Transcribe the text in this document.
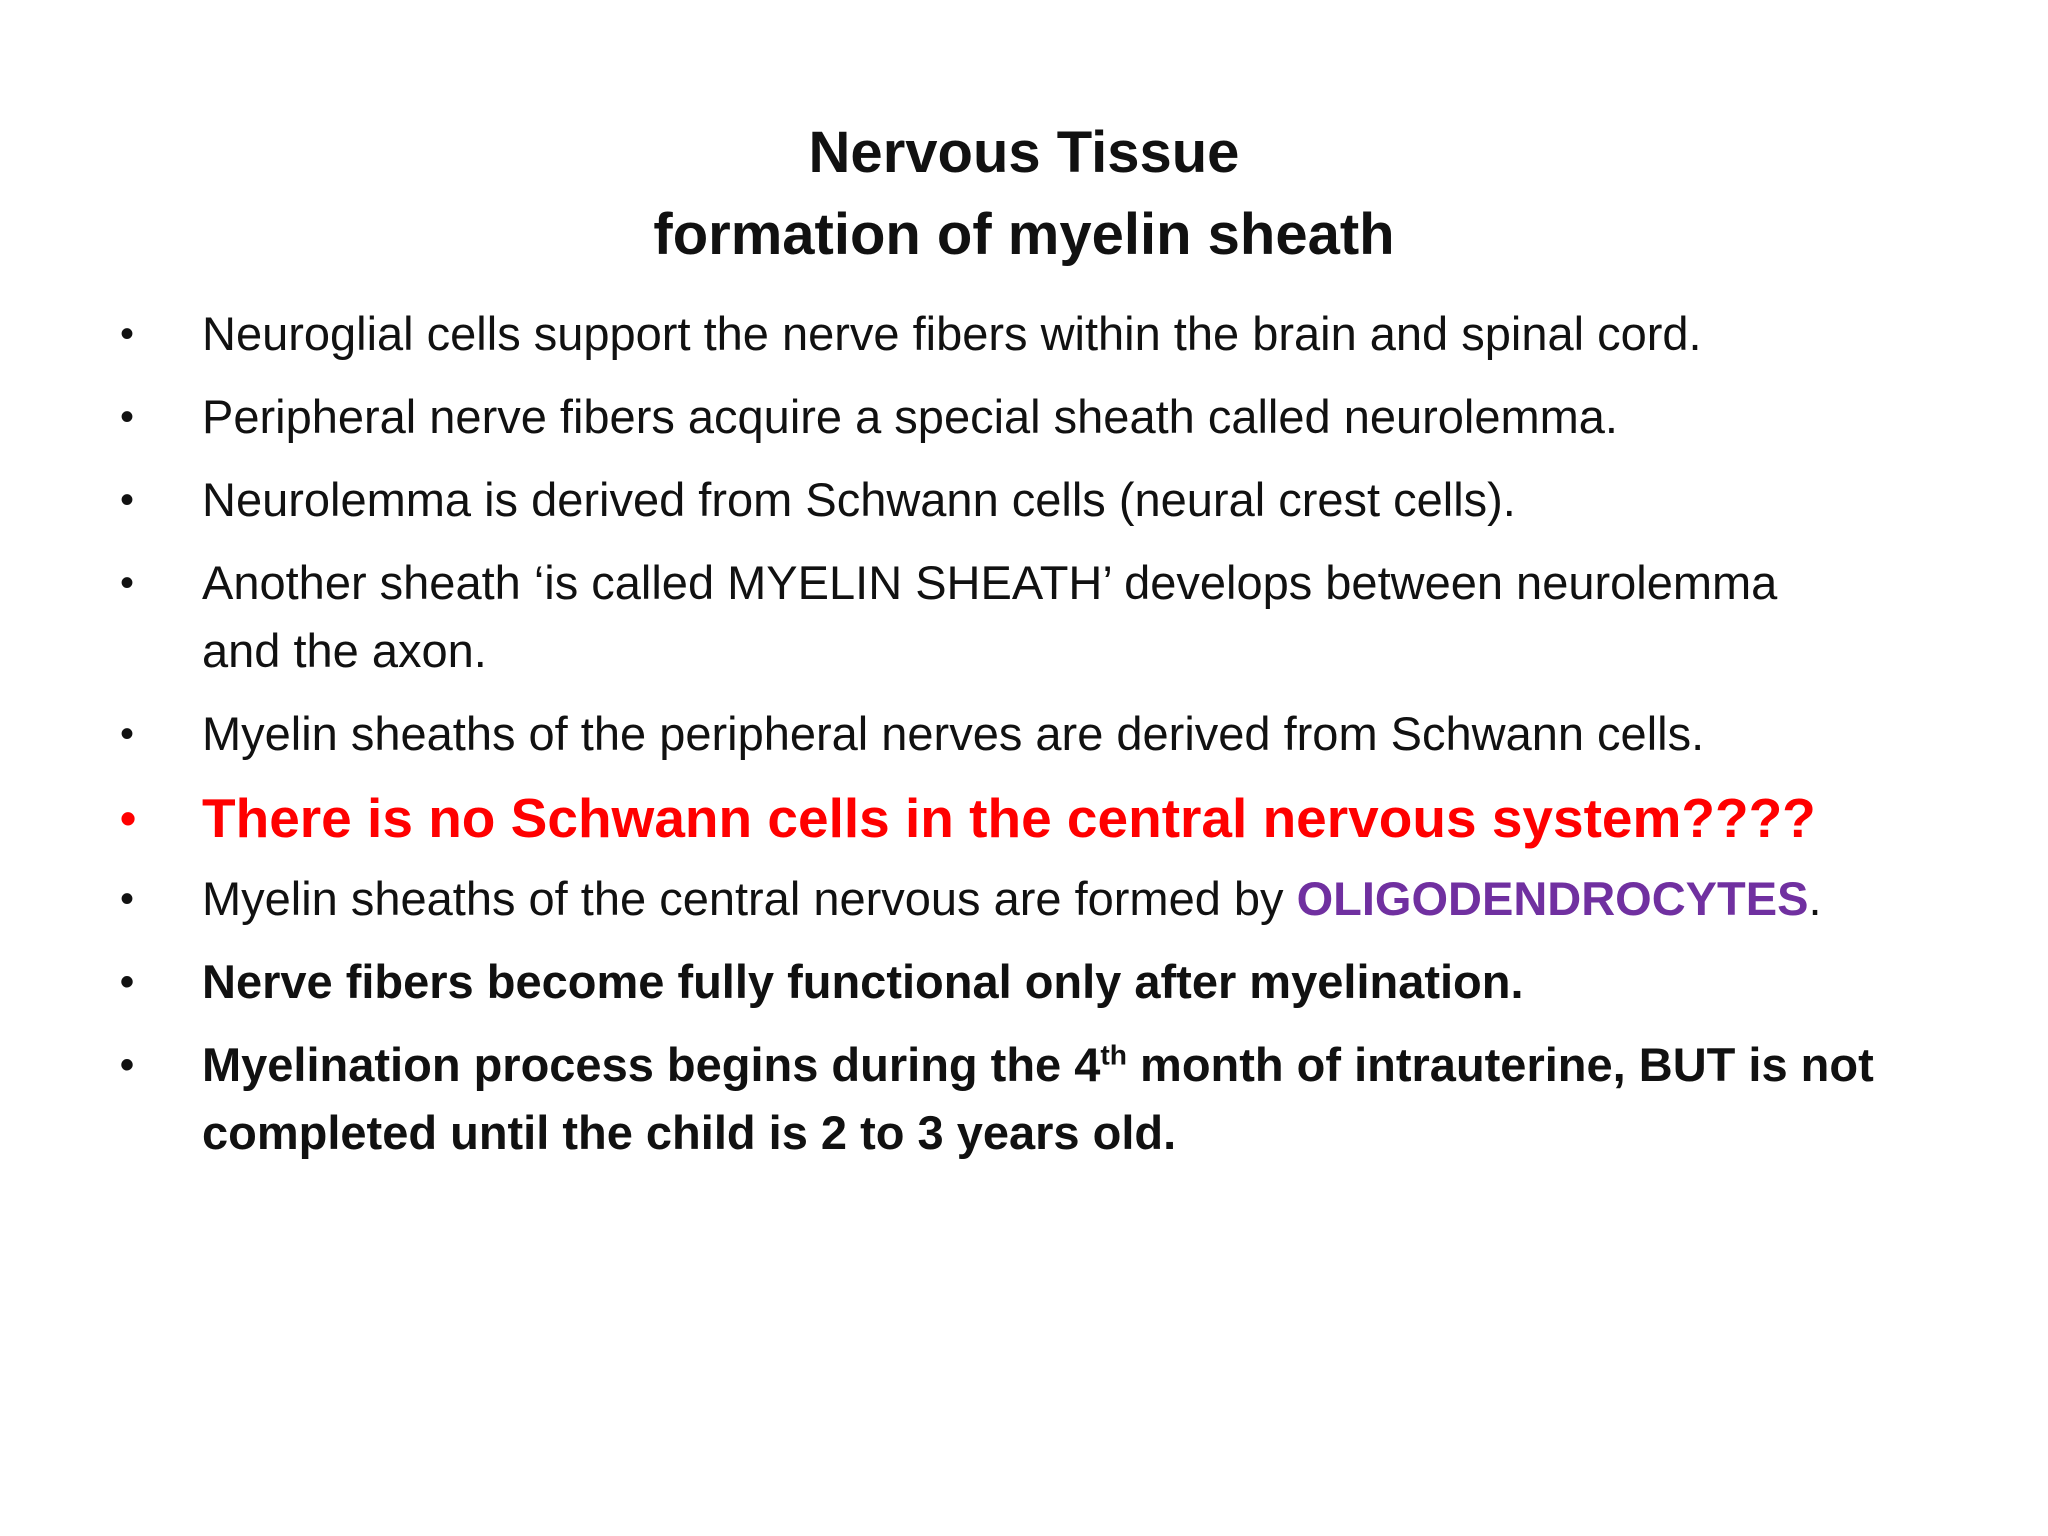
Nervous Tissue
formation of myelin sheath
•	Neuroglial cells support the nerve fibers within the brain and spinal cord.
•	Peripheral nerve fibers acquire a special sheath called neurolemma.
•	Neurolemma is derived from Schwann cells (neural crest cells).
•	Another sheath ‘is called MYELIN SHEATH’ develops between neurolemma
and the axon.
•	Myelin sheaths of the peripheral nerves are derived from Schwann cells.
•	There is no Schwann cells in the central nervous system????
•	Myelin sheaths of the central nervous are formed by OLIGODENDROCYTES.
•	Nerve fibers become fully functional only after myelination.
•	Myelination process begins during the 4th month of intrauterine, BUT is not
completed until the child is 2 to 3 years old.
